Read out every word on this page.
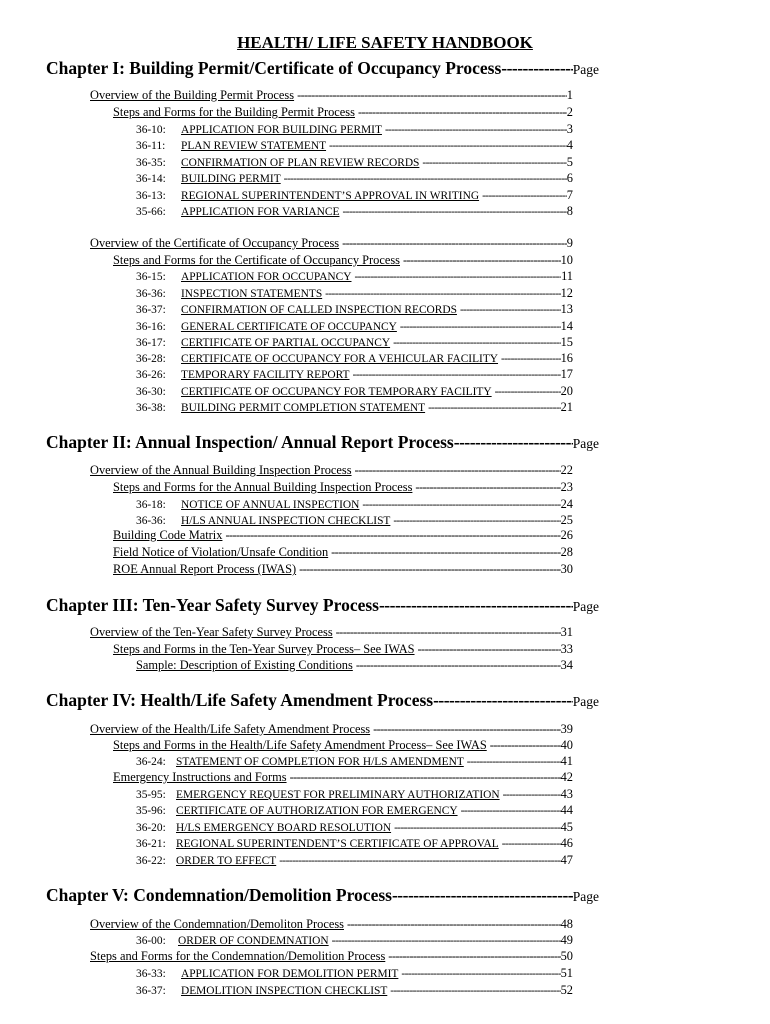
HEALTH/ LIFE SAFETY HANDBOOK
Chapter I: Building Permit/Certificate of Occupancy Process -----	Page
Overview of the Building Permit Process -----	1
Steps and Forms for the Building Permit Process -----	2
36-10: APPLICATION FOR BUILDING PERMIT -----	3
36-11: PLAN REVIEW STATEMENT -----	4
36-35: CONFIRMATION OF PLAN REVIEW RECORDS -----	5
36-14: BUILDING PERMIT -----	6
36-13: REGIONAL SUPERINTENDENT’S APPROVAL IN WRITING -----	7
35-66: APPLICATION FOR VARIANCE -----	8
Overview of the Certificate of Occupancy Process -----	9
Steps and Forms for the Certificate of Occupancy Process -----	10
36-15: APPLICATION FOR OCCUPANCY -----	11
36-36: INSPECTION STATEMENTS -----	12
36-37: CONFIRMATION OF CALLED INSPECTION RECORDS -----	13
36-16: GENERAL CERTIFICATE OF OCCUPANCY -----	14
36-17: CERTIFICATE OF PARTIAL OCCUPANCY -----	15
36-28: CERTIFICATE OF OCCUPANCY FOR A VEHICULAR FACILITY -----	16
36-26: TEMPORARY FACILITY REPORT -----	17
36-30: CERTIFICATE OF OCCUPANCY FOR TEMPORARY FACILITY -----	20
36-38: BUILDING PERMIT COMPLETION STATEMENT -----	21
Chapter II: Annual Inspection/ Annual Report Process -----	Page
Overview of the Annual Building Inspection Process -----	22
Steps and Forms for the Annual Building Inspection Process -----	23
36-18: NOTICE OF ANNUAL INSPECTION -----	24
36-36: H/LS ANNUAL INSPECTION CHECKLIST -----	25
Building Code Matrix -----	26
Field Notice of Violation/Unsafe Condition -----	28
ROE Annual Report Process (IWAS) -----	30
Chapter III: Ten-Year Safety Survey Process -----	Page
Overview of the Ten-Year Safety Survey Process -----	31
Steps and Forms in the Ten-Year Survey Process– See IWAS -----	33
Sample: Description of Existing Conditions -----	34
Chapter IV: Health/Life Safety Amendment Process -----	Page
Overview of the Health/Life Safety Amendment Process -----	39
Steps and Forms in the Health/Life Safety Amendment Process– See IWAS -----	40
36-24: STATEMENT OF COMPLETION FOR H/LS AMENDMENT -----	41
Emergency Instructions and Forms -----	42
35-95: EMERGENCY REQUEST FOR PRELIMINARY AUTHORIZATION -----	43
35-96: CERTIFICATE OF AUTHORIZATION FOR EMERGENCY -----	44
36-20: H/LS EMERGENCY BOARD RESOLUTION -----	45
36-21: REGIONAL SUPERINTENDENT’S CERTIFICATE OF APPROVAL -----	46
36-22: ORDER TO EFFECT -----	47
Chapter V: Condemnation/Demolition Process -----	Page
Overview of the Condemnation/Demoliton Process -----	48
36-00: ORDER OF CONDEMNATION -----	49
Steps and Forms for the Condemnation/Demolition Process -----	50
36-33: APPLICATION FOR DEMOLITION PERMIT -----	51
36-37: DEMOLITION INSPECTION CHECKLIST -----	52
